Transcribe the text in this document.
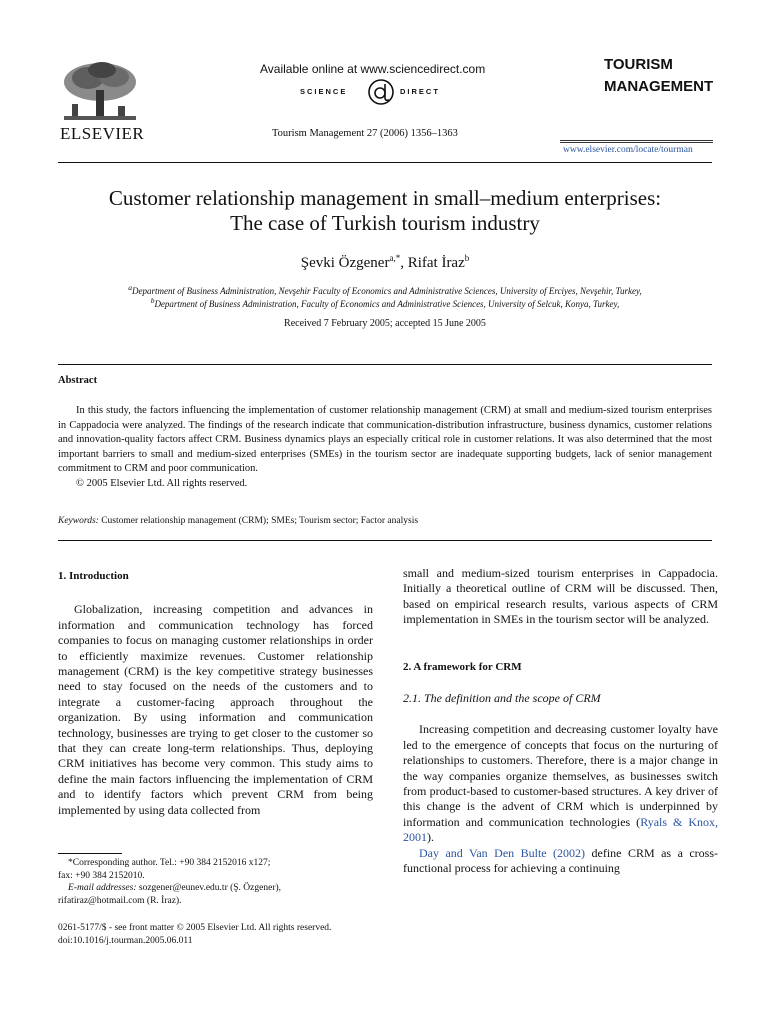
ELSEVIER
Available online at www.sciencedirect.com
SCIENCE	DIRECT
Tourism Management 27 (2006) 1356–1363
TOURISM
MANAGEMENT
www.elsevier.com/locate/tourman
Customer relationship management in small–medium enterprises:
The case of Turkish tourism industry
Şevki Özgener$^{a,*}$, Rifat İraz$^b$
$^a$Department of Business Administration, Nevşehir Faculty of Economics and Administrative Sciences, University of Erciyes, Nevşehir, Turkey,
$^b$Department of Business Administration, Faculty of Economics and Administrative Sciences, University of Selcuk, Konya, Turkey,
Received 7 February 2005; accepted 15 June 2005
Abstract

In this study, the factors influencing the implementation of customer relationship management (CRM) at small and medium-sized tourism enterprises in Cappadocia were analyzed. The findings of the research indicate that communication-distribution infrastructure, business dynamics, customer relations and innovation-quality factors affect CRM. Business dynamics plays an especially critical role in customer relations. It was also determined that the most important barriers to small and medium-sized enterprises (SMEs) in the tourism sector are inadequate supporting budgets, lack of senior management commitment to CRM and poor communication.

© 2005 Elsevier Ltd. All rights reserved.

Keywords: Customer relationship management (CRM); SMEs; Tourism sector; Factor analysis

1. Introduction

Globalization, increasing competition and advances in information and communication technology has forced companies to focus on managing customer relationships in order to efficiently maximize revenues. Customer relationship management (CRM) is the key competitive strategy businesses need to stay focused on the needs of the customers and to integrate a customer-facing approach throughout the organization. By using information and communication technology, businesses are trying to get closer to the customer so that they can create long-term relationships. Thus, deploying CRM initiatives has become very common. This study aims to define the main factors influencing the implementation of CRM and to identify factors which prevent CRM from being implemented by using data collected from

*Corresponding author. Tel.: +90 384 2152016 x127;
fax: +90 384 2152010.
E-mail addresses: sozgener@eunev.edu.tr (Ş. Özgener),
rifatiraz@hotmail.com (R. İraz).
0261-5177/$ - see front matter © 2005 Elsevier Ltd. All rights reserved.
doi:10.1016/j.tourman.2005.06.011

small and medium-sized tourism enterprises in Cappadocia. Initially a theoretical outline of CRM will be discussed. Then, based on empirical research results, various aspects of CRM implementation in SMEs in the tourism sector will be analyzed.

2. A framework for CRM

2.1. The definition and the scope of CRM

Increasing competition and decreasing customer loyalty have led to the emergence of concepts that focus on the nurturing of relationships to customers. Therefore, there is a major change in the way companies organize themselves, as businesses switch from product-based to customer-based structures. A key driver of this change is the advent of CRM which is underpinned by information and communication technologies (Ryals & Knox, 2001).

Day and Van Den Bulte (2002) define CRM as a cross-functional process for achieving a continuing
